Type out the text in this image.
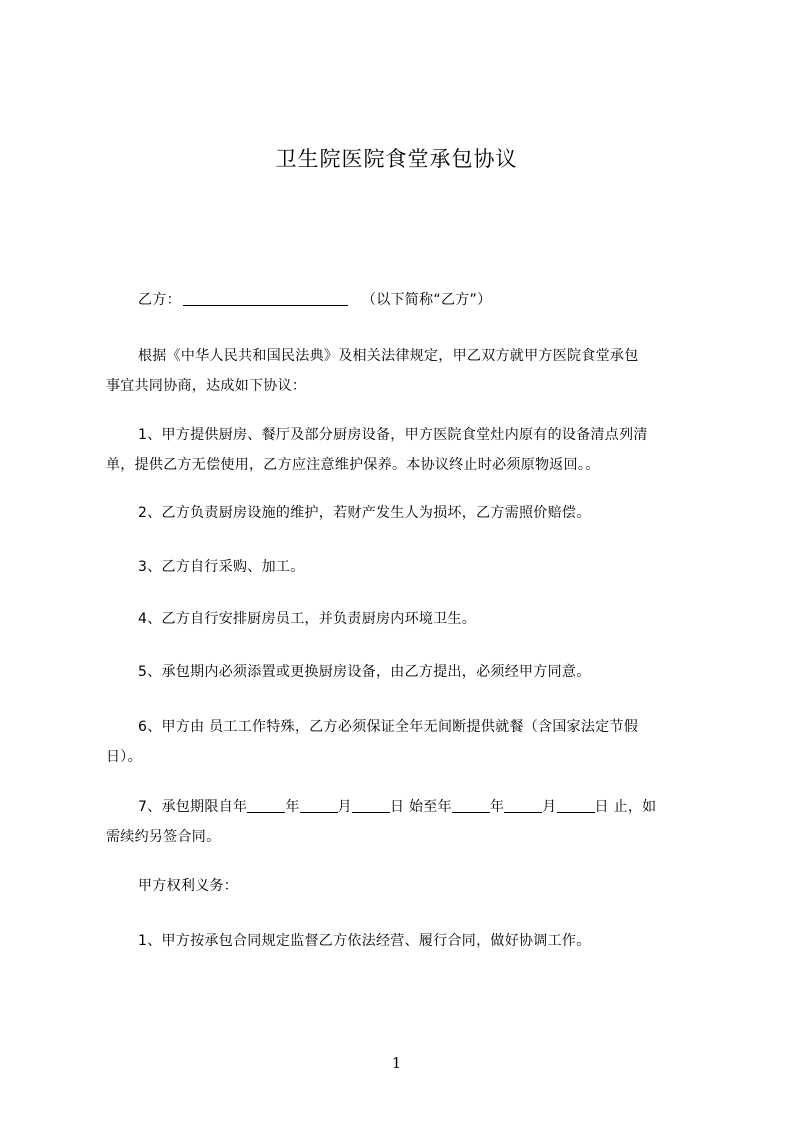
卫生院医院食堂承包协议
乙方：	（以下简称“乙方”）
根据《中华人民共和国民法典》及相关法律规定，甲乙双方就甲方医院食堂承包
事宜共同协商，达成如下协议：
1、甲方提供厨房、餐厅及部分厨房设备，甲方医院食堂灶内原有的设备清点列清
单，提供乙方无偿使用，乙方应注意维护保养。本协议终止时必须原物返回。。
2、乙方负责厨房设施的维护，若财产发生人为损坏，乙方需照价赔偿。
3、乙方自行采购、加工。
4、乙方自行安排厨房员工，并负责厨房内环境卫生。
5、承包期内必须添置或更换厨房设备，由乙方提出，必须经甲方同意。
6、甲方由 员工工作特殊，乙方必须保证全年无间断提供就餐（含国家法定节假
日）。
7、承包期限自年	年	月	日 始至年	年	月	日 止，如
需续约另签合同。
甲方权利义务：
1、甲方按承包合同规定监督乙方依法经营、履行合同，做好协调工作。
1
